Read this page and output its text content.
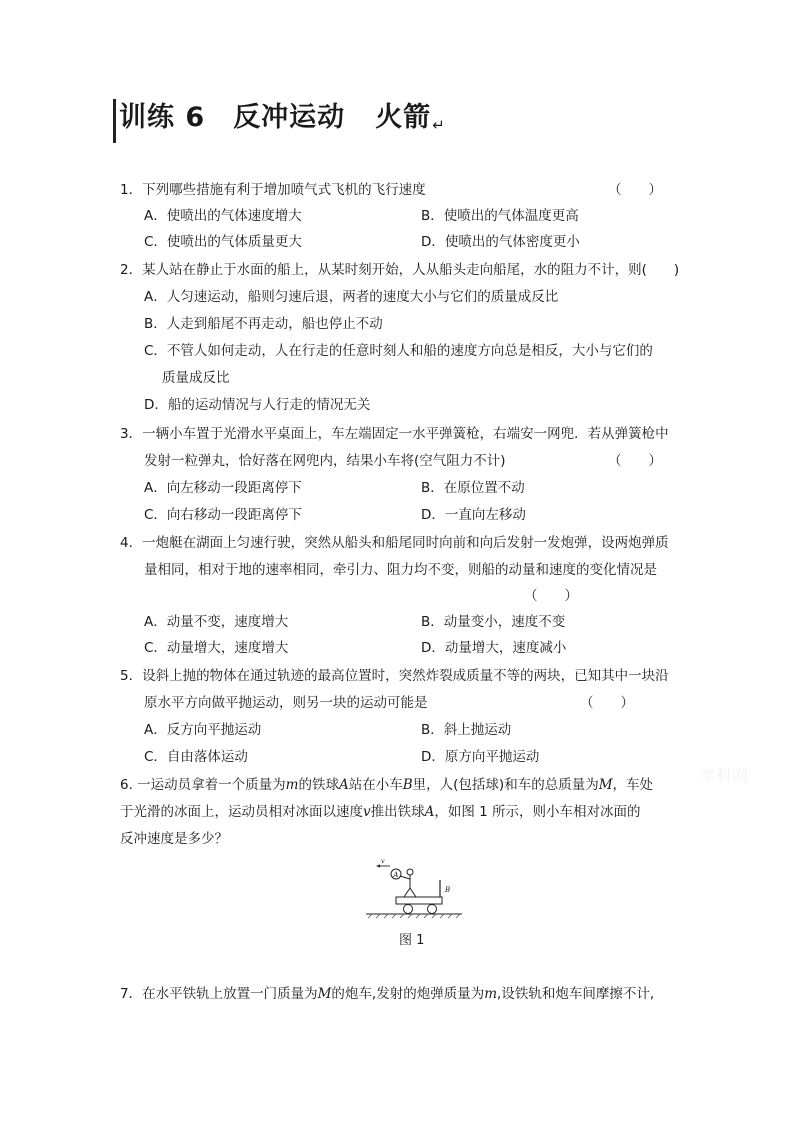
训练 6 反冲运动 火箭↵
1．下列哪些措施有利于增加喷气式飞机的飞行速度	（　　）
A．使喷出的气体速度增大	B．使喷出的气体温度更高
C．使喷出的气体质量更大	D．使喷出的气体密度更小
2．某人站在静止于水面的船上，从某时刻开始，人从船头走向船尾，水的阻力不计，则(　　)
A．人匀速运动，船则匀速后退，两者的速度大小与它们的质量成反比
B．人走到船尾不再走动，船也停止不动
C．不管人如何走动，人在行走的任意时刻人和船的速度方向总是相反，大小与它们的
质量成反比
D．船的运动情况与人行走的情况无关
3．一辆小车置于光滑水平桌面上，车左端固定一水平弹簧枪，右端安一网兜．若从弹簧枪中
发射一粒弹丸，恰好落在网兜内，结果小车将(空气阻力不计)	（　　）
A．向左移动一段距离停下	B．在原位置不动
C．向右移动一段距离停下	D．一直向左移动
4．一炮艇在湖面上匀速行驶，突然从船头和船尾同时向前和向后发射一发炮弹，设两炮弹质
量相同，相对于地的速率相同，牵引力、阻力均不变，则船的动量和速度的变化情况是
（　　）
A．动量不变，速度增大	B．动量变小，速度不变
C．动量增大，速度增大	D．动量增大，速度减小
5．设斜上抛的物体在通过轨迹的最高位置时，突然炸裂成质量不等的两块，已知其中一块沿
原水平方向做平抛运动，则另一块的运动可能是	（　　）
A．反方向平抛运动	B．斜上抛运动
C．自由落体运动	D．原方向平抛运动
6. 一运动员拿着一个质量为m的铁球A站在小车B里，人(包括球)和车的总质量为M，车处
于光滑的冰面上，运动员相对冰面以速度v推出铁球A，如图 1 所示，则小车相对冰面的
反冲速度是多少？
A
v
B
图 1
7．在水平铁轨上放置一门质量为M的炮车,发射的炮弹质量为m,设铁轨和炮车间摩擦不计,
学科网
